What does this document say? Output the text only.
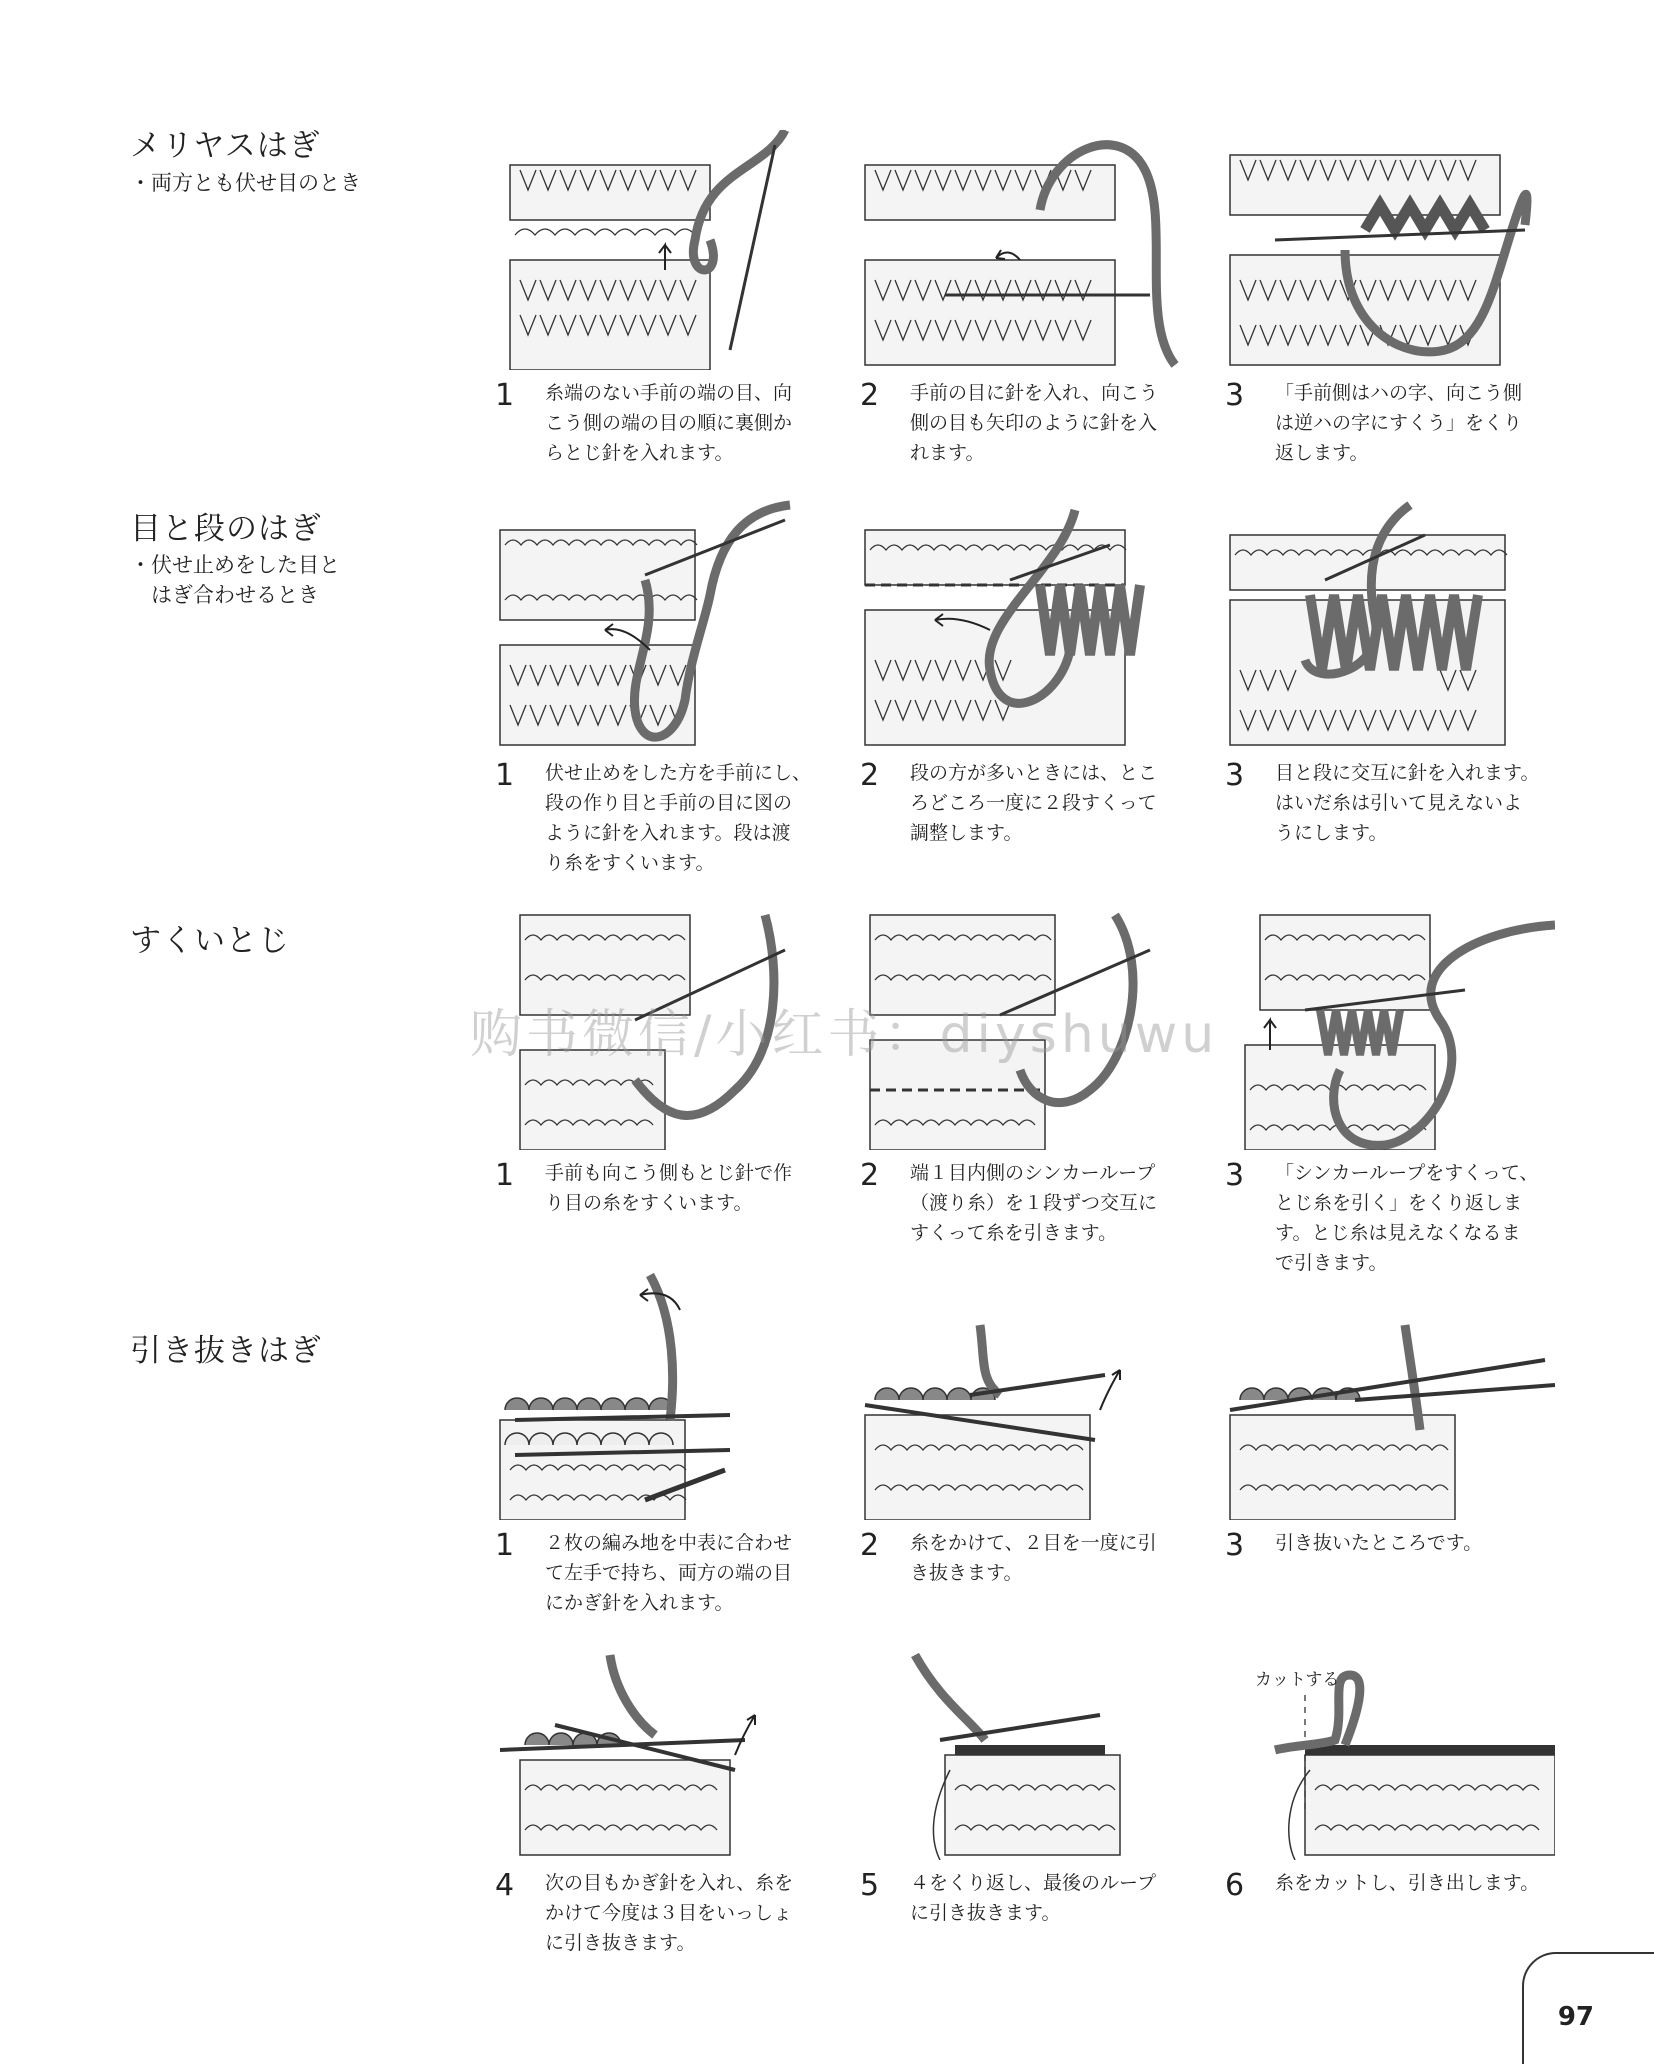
メリヤスはぎ
・両方とも伏せ目のとき
1 糸端のない手前の端の目、向
こう側の端の目の順に裏側か
らとじ針を入れます。
2 手前の目に針を入れ、向こう
側の目も矢印のように針を入
れます。
3 「手前側はハの字、向こう側
は逆ハの字にすくう」をくり
返します。
目と段のはぎ
・伏せ止めをした目と
　はぎ合わせるとき
1 伏せ止めをした方を手前にし、
段の作り目と手前の目に図の
ように針を入れます。段は渡
り糸をすくいます。
2 段の方が多いときには、とこ
ろどころ一度に２段すくって
調整します。
3 目と段に交互に針を入れます。
はいだ糸は引いて見えないよ
うにします。
すくいとじ
1 手前も向こう側もとじ針で作
り目の糸をすくいます。
2 端１目内側のシンカーループ
（渡り糸）を１段ずつ交互に
すくって糸を引きます。
3 「シンカーループをすくって、
とじ糸を引く」をくり返しま
す。とじ糸は見えなくなるま
で引きます。
引き抜きはぎ
1 ２枚の編み地を中表に合わせ
て左手で持ち、両方の端の目
にかぎ針を入れます。
2 糸をかけて、２目を一度に引
き抜きます。
3 引き抜いたところです。
4 次の目もかぎ針を入れ、糸を
かけて今度は３目をいっしょ
に引き抜きます。
5 ４をくり返し、最後のループ
に引き抜きます。
カットする
6 糸をカットし、引き出します。
购书微信/小红书：diyshuwu
97
